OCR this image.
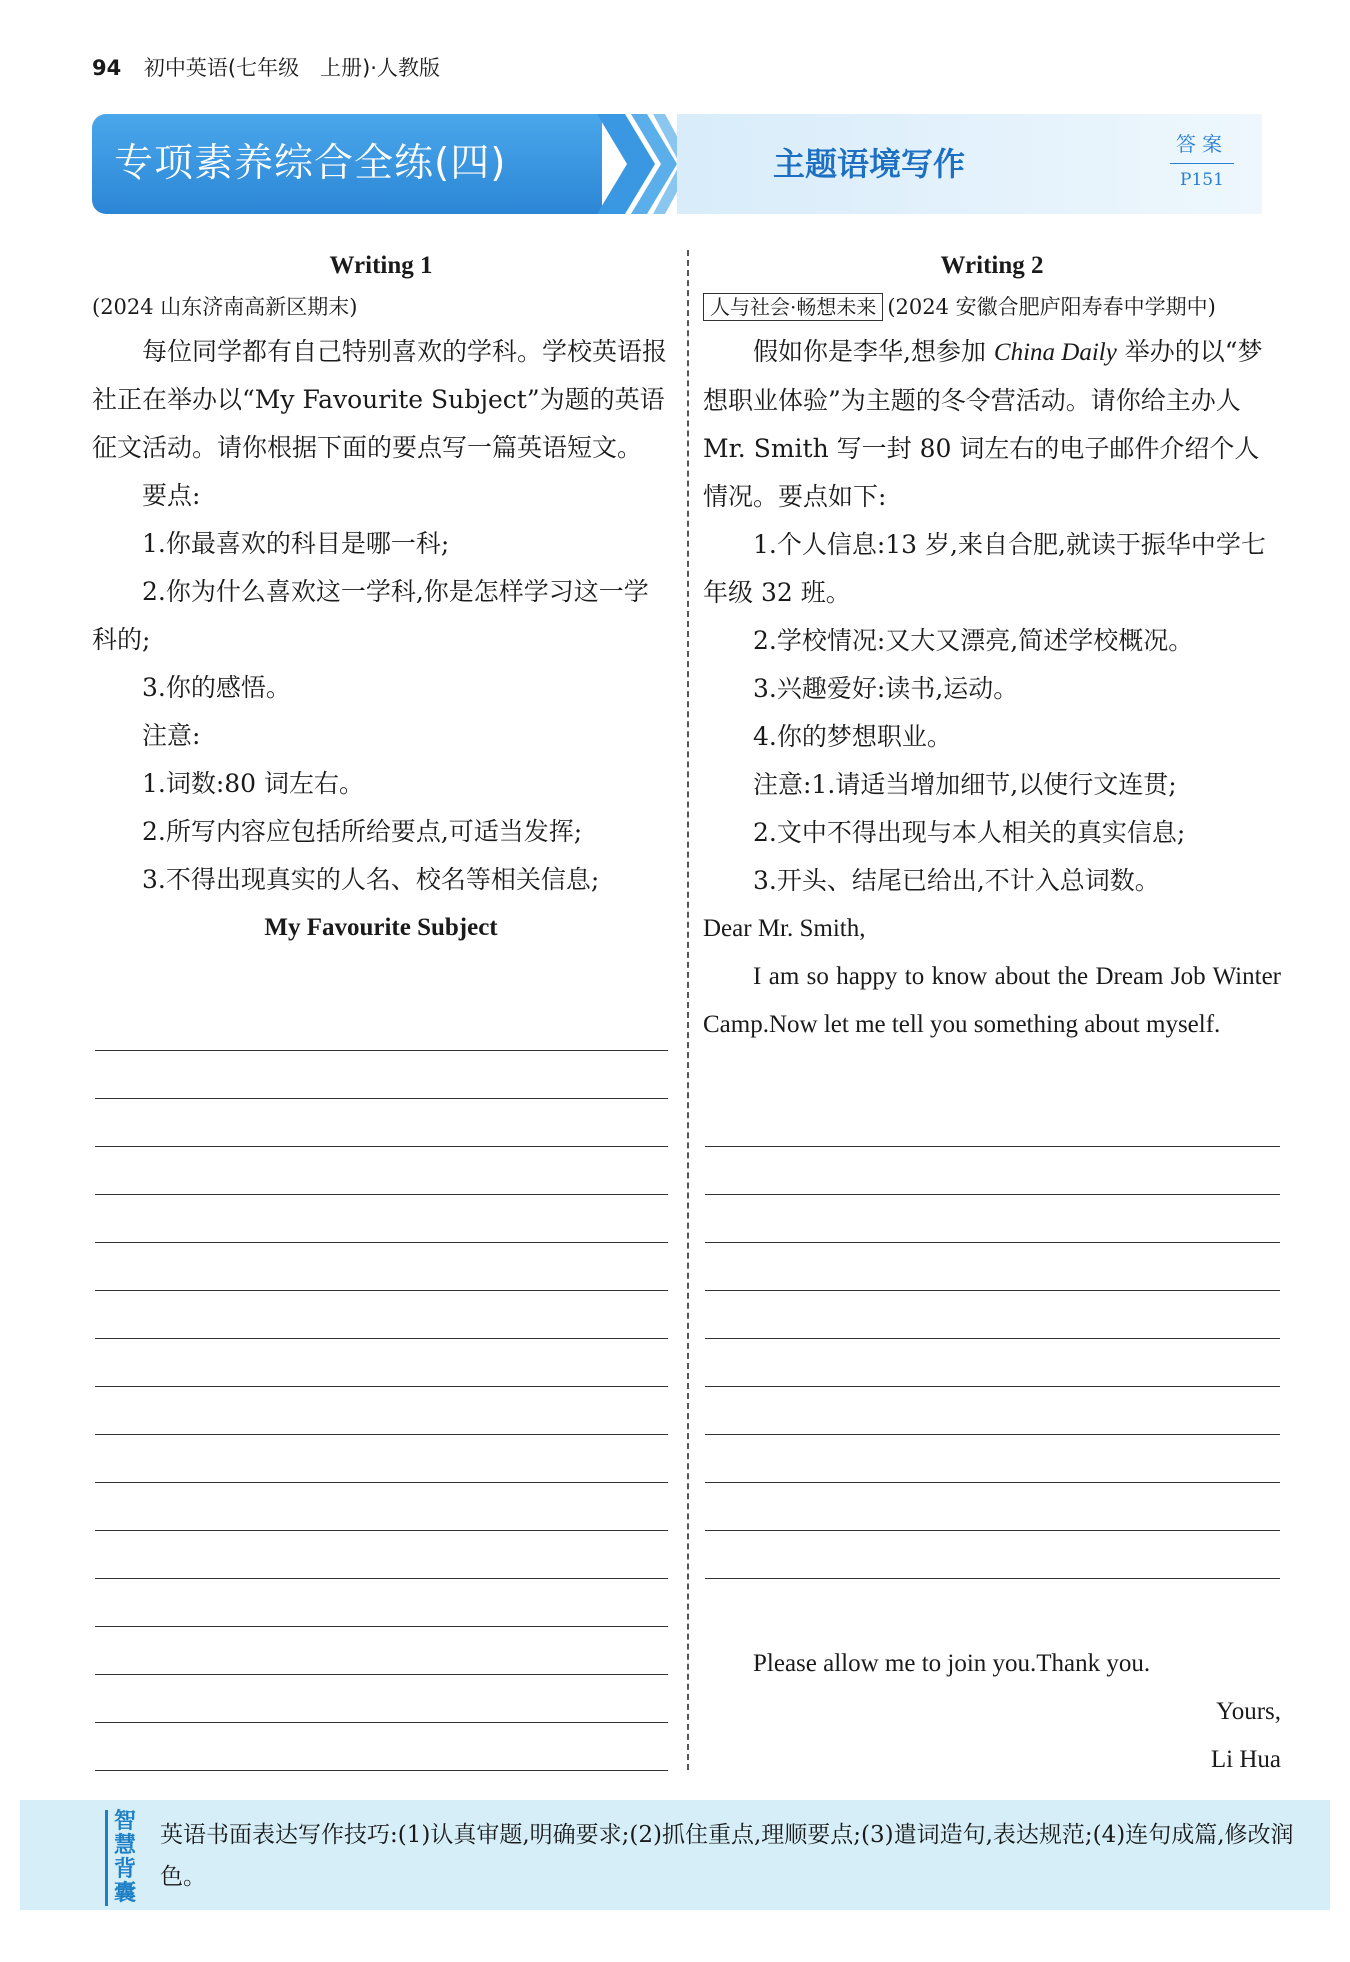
94 初中英语(七年级　上册)·人教版
专项素养综合全练(四)	主题语境写作
答案
P151
Writing 1
(2024 山东济南高新区期末)

每位同学都有自己特别喜欢的学科。学校英语报社正在举办以“My Favourite Subject”为题的英语征文活动。请你根据下面的要点写一篇英语短文。

要点:

1.你最喜欢的科目是哪一科;

2.你为什么喜欢这一学科,你是怎样学习这一学科的;

3.你的感悟。

注意:

1.词数:80 词左右。

2.所写内容应包括所给要点,可适当发挥;

3.不得出现真实的人名、校名等相关信息;

My Favourite Subject

Writing 2
人与社会·畅想未来 (2024 安徽合肥庐阳寿春中学期中)

假如你是李华,想参加 China Daily 举办的以“梦想职业体验”为主题的冬令营活动。请你给主办人 Mr. Smith 写一封 80 词左右的电子邮件介绍个人情况。要点如下:

1.个人信息:13 岁,来自合肥,就读于振华中学七年级 32 班。

2.学校情况:又大又漂亮,简述学校概况。

3.兴趣爱好:读书,运动。

4.你的梦想职业。

注意:1.请适当增加细节,以使行文连贯;

2.文中不得出现与本人相关的真实信息;

3.开头、结尾已给出,不计入总词数。

Dear Mr. Smith,

I am so happy to know about the Dream Job Winter Camp.Now let me tell you something about myself.

Please allow me to join you.Thank you.

Yours,

Li Hua

智慧背囊
英语书面表达写作技巧:(1)认真审题,明确要求;(2)抓住重点,理顺要点;(3)遣词造句,表达规范;(4)连句成篇,修改润色。
